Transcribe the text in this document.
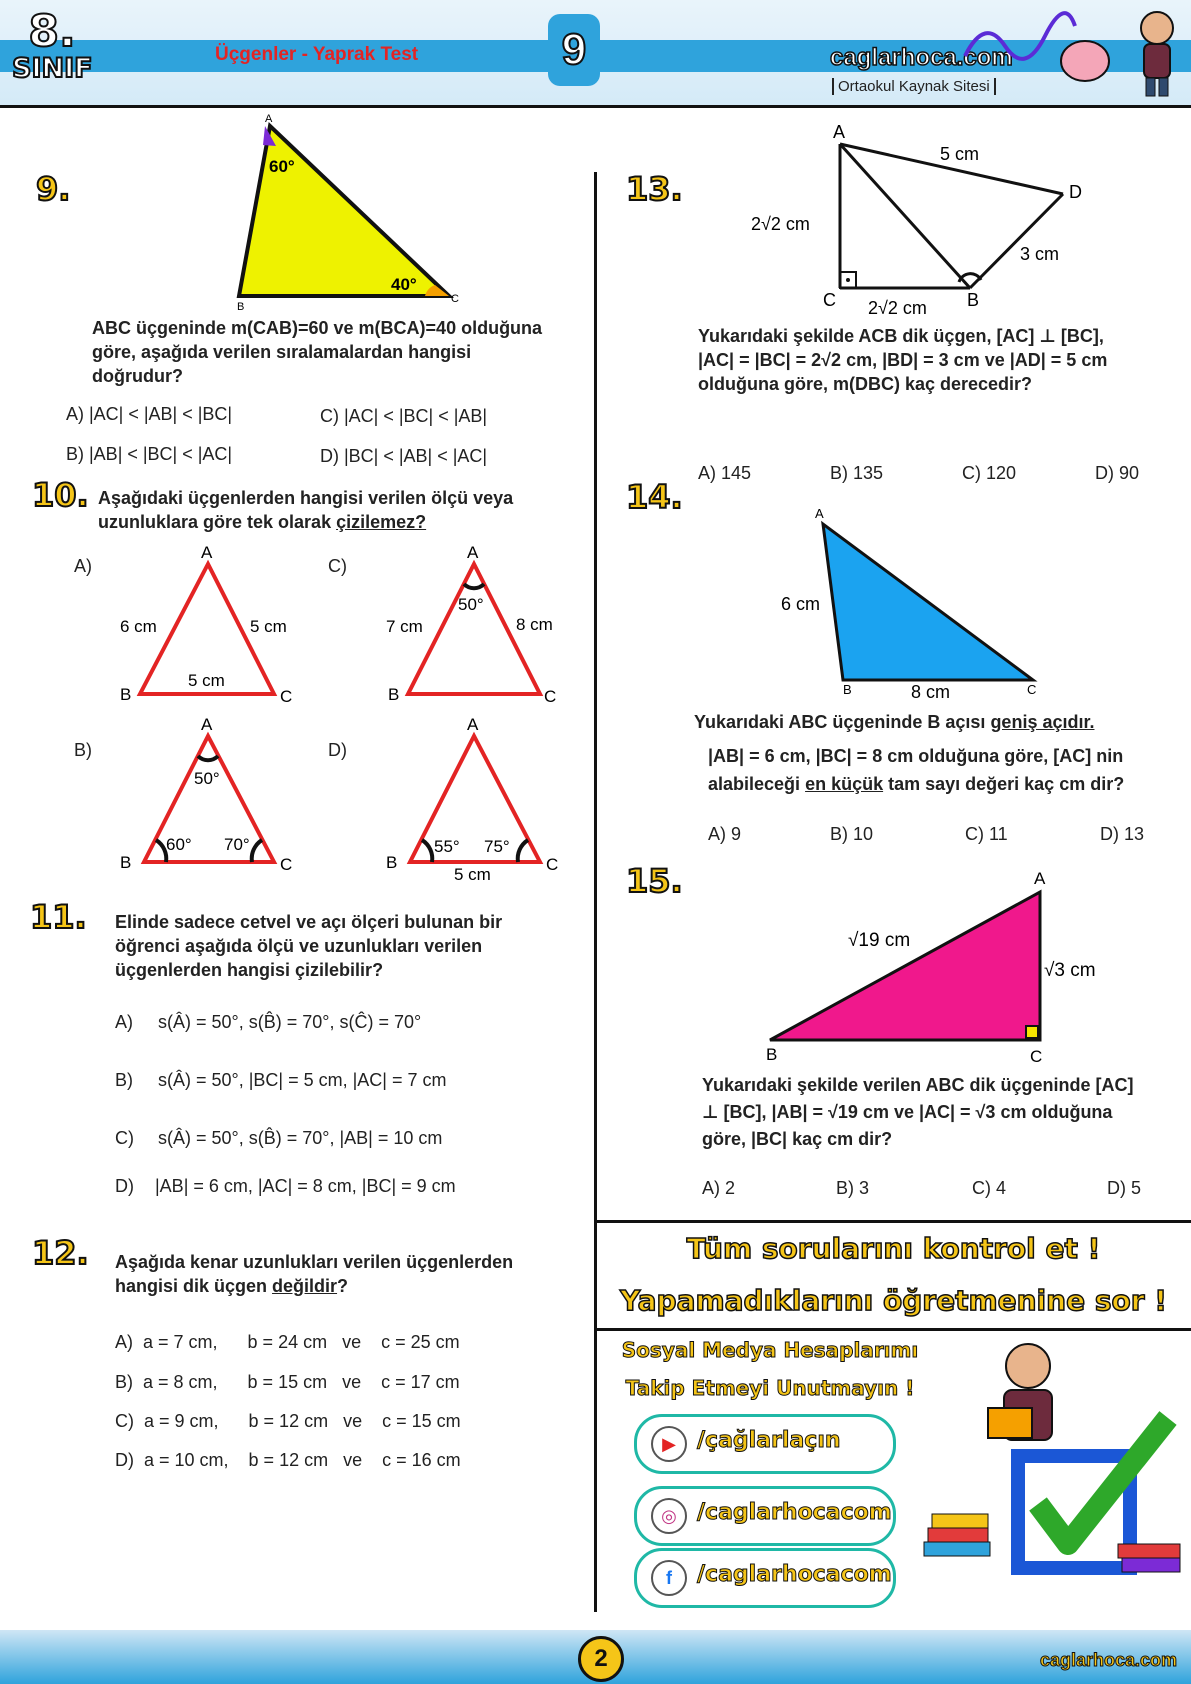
8.
SINIF	Üçgenler - Yaprak Test	9	caglarhoca.com
Ortaokul Kaynak Sitesi
9.
A
B
C
60°
40°
ABC üçgeninde m(CAB)=60 ve m(BCA)=40 olduğuna göre, aşağıda verilen sıralamalardan hangisi doğrudur?
A) |AC| < |AB| < |BC|	C) |AC| < |BC| < |AB|
B) |AB| < |BC| < |AC|	D) |BC| < |AB| < |AC|
10. Aşağıdaki üçgenlerden hangisi verilen ölçü veya uzunluklara göre tek olarak çizilemez?
A)	C)
B)	D)
A
B	C
6 cm	5 cm
5 cm
A
B	C
7 cm	8 cm
50°
A
B	C
50°
60° 70°
A
B	C
55° 75°
5 cm
11. Elinde sadece cetvel ve açı ölçeri bulunan bir öğrenci aşağıda ölçü ve uzunlukları verilen üçgenlerden hangisi çizilebilir?
A) s(Â) = 50°, s(B̂) = 70°, s(Ĉ) = 70°
B) s(Â) = 50°, |BC| = 5 cm, |AC| = 7 cm
C) s(Â) = 50°, s(B̂) = 70°, |AB| = 10 cm
D) |AB| = 6 cm, |AC| = 8 cm, |BC| = 9 cm
12. Aşağıda kenar uzunlukları verilen üçgenlerden hangisi dik üçgen değildir?
A)  a = 7 cm,      b = 24 cm   ve    c = 25 cm
B)  a = 8 cm,      b = 15 cm   ve    c = 17 cm
C)  a = 9 cm,      b = 12 cm   ve    c = 15 cm
D)  a = 10 cm,    b = 12 cm   ve    c = 16 cm
13.
A
C	B
D
5 cm
3 cm
2√2 cm
2√2 cm
Yukarıdaki şekilde ACB dik üçgen, [AC] ⊥ [BC], |AC| = |BC| = 2√2 cm, |BD| = 3 cm ve |AD| = 5 cm olduğuna göre, m(DBC) kaç derecedir?
A) 145	B) 135	C) 120	D) 90
14.	A
B	C
6 cm
8 cm
Yukarıdaki ABC üçgeninde B açısı geniş açıdır.
|AB| = 6 cm, |BC| = 8 cm olduğuna göre, [AC] nin alabileceği en küçük tam sayı değeri kaç cm dir?
A) 9	B) 10	C) 11	D) 13
15.	A
B	C
√19 cm
√3 cm
Yukarıdaki şekilde verilen ABC dik üçgeninde [AC] ⊥ [BC], |AB| = √19 cm ve |AC| = √3 cm olduğuna göre, |BC| kaç cm dir?
A) 2	B) 3	C) 4	D) 5
Tüm sorularını kontrol et !
Yapamadıklarını öğretmenine sor !
Sosyal Medya Hesaplarımı
Takip Etmeyi Unutmayın !
▶ /çağlarlaçın
◎ /caglarhocacom
f	/caglarhocacom
2	caglarhoca.com
